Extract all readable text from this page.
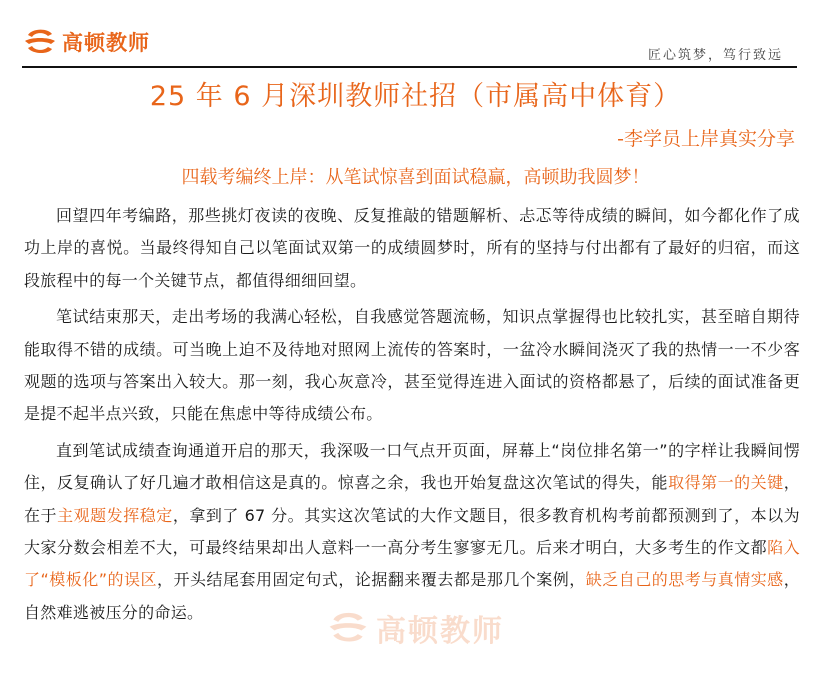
高顿教师
匠心筑梦，笃行致远
25 年 6 月深圳教师社招（市属高中体育）
-李学员上岸真实分享
四载考编终上岸：从笔试惊喜到面试稳赢，高顿助我圆梦！

回望四年考编路，那些挑灯夜读的夜晚、反复推敲的错题解析、忐忑等待成绩的瞬间，如今都化作了成功上岸的喜悦。当最终得知自己以笔面试双第一的成绩圆梦时，所有的坚持与付出都有了最好的归宿，而这段旅程中的每一个关键节点，都值得细细回望。

笔试结束那天，走出考场的我满心轻松，自我感觉答题流畅，知识点掌握得也比较扎实，甚至暗自期待能取得不错的成绩。可当晚上迫不及待地对照网上流传的答案时，一盆冷水瞬间浇灭了我的热情一一不少客观题的选项与答案出入较大。那一刻，我心灰意冷，甚至觉得连进入面试的资格都悬了，后续的面试准备更是提不起半点兴致，只能在焦虑中等待成绩公布。

直到笔试成绩查询通道开启的那天，我深吸一口气点开页面，屏幕上“岗位排名第一”的字样让我瞬间愣住，反复确认了好几遍才敢相信这是真的。惊喜之余，我也开始复盘这次笔试的得失，能取得第一的关键，在于主观题发挥稳定，拿到了 67 分。其实这次笔试的大作文题目，很多教育机构考前都预测到了，本以为大家分数会相差不大，可最终结果却出人意料一一高分考生寥寥无几。后来才明白，大多考生的作文都陷入了“模板化”的误区，开头结尾套用固定句式，论据翻来覆去都是那几个案例，缺乏自己的思考与真情实感，自然难逃被压分的命运。

高顿教师
